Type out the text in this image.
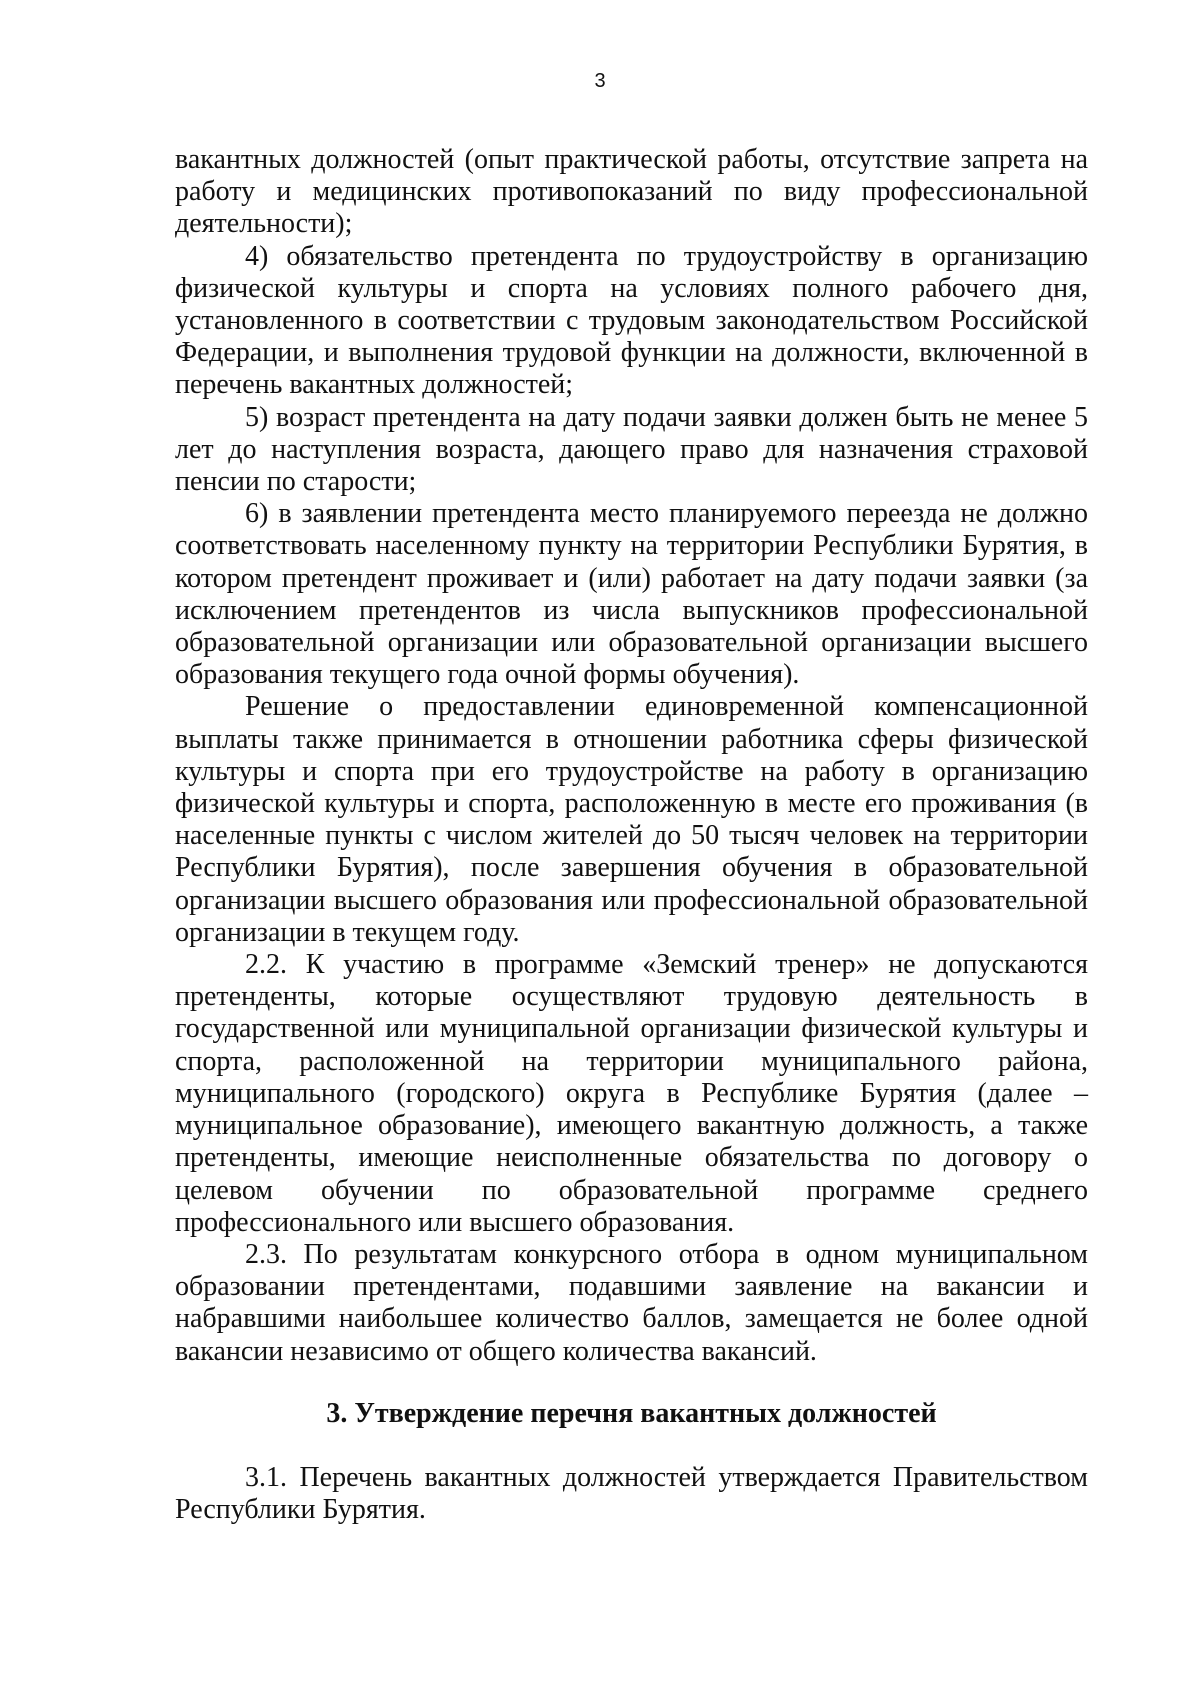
3

вакантных должностей (опыт практической работы, отсутствие запрета на работу и медицинских противопоказаний по виду профессиональной деятельности);

4) обязательство претендента по трудоустройству в организацию физической культуры и спорта на условиях полного рабочего дня, установленного в соответствии с трудовым законодательством Российской Федерации, и выполнения трудовой функции на должности, включенной в перечень вакантных должностей;

5) возраст претендента на дату подачи заявки должен быть не менее 5 лет до наступления возраста, дающего право для назначения страховой пенсии по старости;

6) в заявлении претендента место планируемого переезда не должно соответствовать населенному пункту на территории Республики Бурятия, в котором претендент проживает и (или) работает на дату подачи заявки (за исключением претендентов из числа выпускников профессиональной образовательной организации или образовательной организации высшего образования текущего года очной формы обучения).

Решение о предоставлении единовременной компенсационной выплаты также принимается в отношении работника сферы физической культуры и спорта при его трудоустройстве на работу в организацию физической культуры и спорта, расположенную в месте его проживания (в населенные пункты с числом жителей до 50 тысяч человек на территории Республики Бурятия), после завершения обучения в образовательной организации высшего образования или профессиональной образовательной организации в текущем году.

2.2. К участию в программе «Земский тренер» не допускаются претенденты, которые осуществляют трудовую деятельность в государственной или муниципальной организации физической культуры и спорта, расположенной на территории муниципального района, муниципального (городского) округа в Республике Бурятия (далее – муниципальное образование), имеющего вакантную должность, а также претенденты, имеющие неисполненные обязательства по договору о целевом обучении по образовательной программе среднего профессионального или высшего образования.

2.3. По результатам конкурсного отбора в одном муниципальном образовании претендентами, подавшими заявление на вакансии и набравшими наибольшее количество баллов, замещается не более одной вакансии независимо от общего количества вакансий.

3. Утверждение перечня вакантных должностей

3.1. Перечень вакантных должностей утверждается Правительством Республики Бурятия.
